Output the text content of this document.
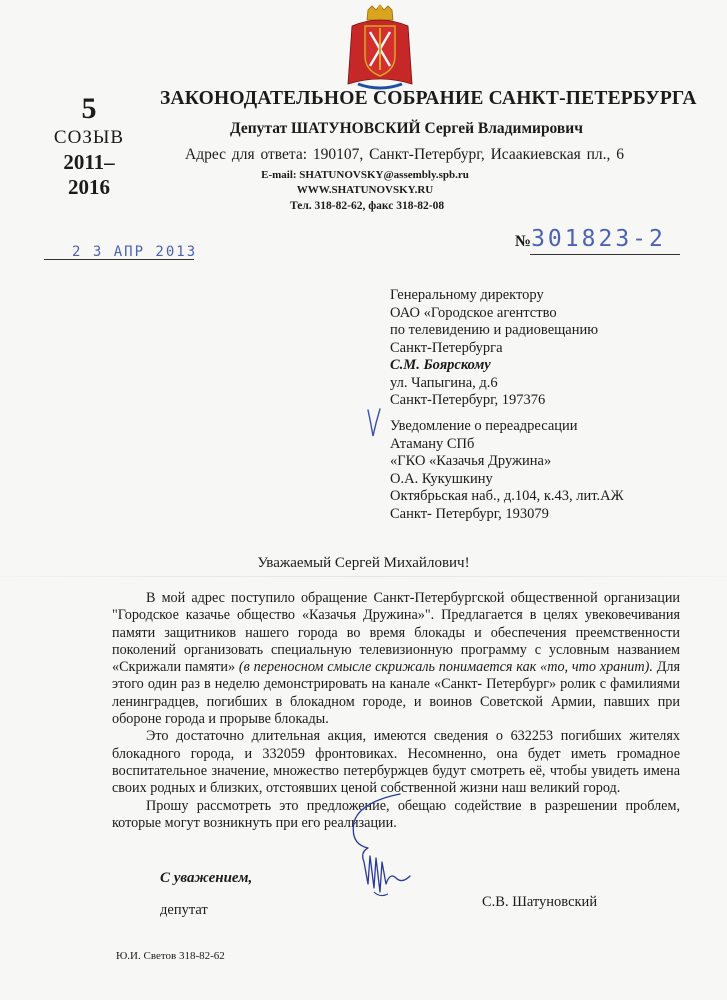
5
СОЗЫВ
2011–
2016
ЗАКОНОДАТЕЛЬНОЕ СОБРАНИЕ САНКТ-ПЕТЕРБУРГА
Депутат ШАТУНОВСКИЙ Сергей Владимирович
Адрес для ответа: 190107, Санкт-Петербург, Исаакиевская пл., 6
E-mail: SHATUNOVSKY@assembly.spb.ru
WWW.SHATUNOVSKY.RU
Тел. 318-82-62, факс 318-82-08
2 3 АПР 2013
№301823-2
Генеральному директору
ОАО «Городское агентство
по телевидению и радиовещанию
Санкт-Петербурга
С.М. Боярскому
ул. Чапыгина, д.6
Санкт-Петербург, 197376
Уведомление о переадресации
Атаману СПб
«ГКО «Казачья Дружина»
О.А. Кукушкину
Октябрьская наб., д.104, к.43, лит.АЖ
Санкт- Петербург, 193079
Уважаемый Сергей Михайлович!

В мой адрес поступило обращение Санкт-Петербургской общественной организации "Городское казачье общество «Казачья Дружина»". Предлагается в целях увековечивания памяти защитников нашего города во время блокады и обеспечения преемственности поколений организовать специальную телевизионную программу с условным названием «Скрижали памяти» (в переносном смысле скрижаль понимается как «то, что хранит). Для этого один раз в неделю демонстрировать на канале «Санкт- Петербург» ролик с фамилиями ленинградцев, погибших в блокадном городе, и воинов Советской Армии, павших при обороне города и прорыве блокады.

Это достаточно длительная акция, имеются сведения о 632253 погибших жителях блокадного города, и 332059 фронтовиках. Несомненно, она будет иметь громадное воспитательное значение, множество петербуржцев будут смотреть её, чтобы увидеть имена своих родных и близких, отстоявших ценой собственной жизни наш великий город.

Прошу рассмотреть это предложение, обещаю содействие в разрешении проблем, которые могут возникнуть при его реализации.

С уважением,
депутат	С.В. Шатуновский
Ю.И. Светов 318-82-62
